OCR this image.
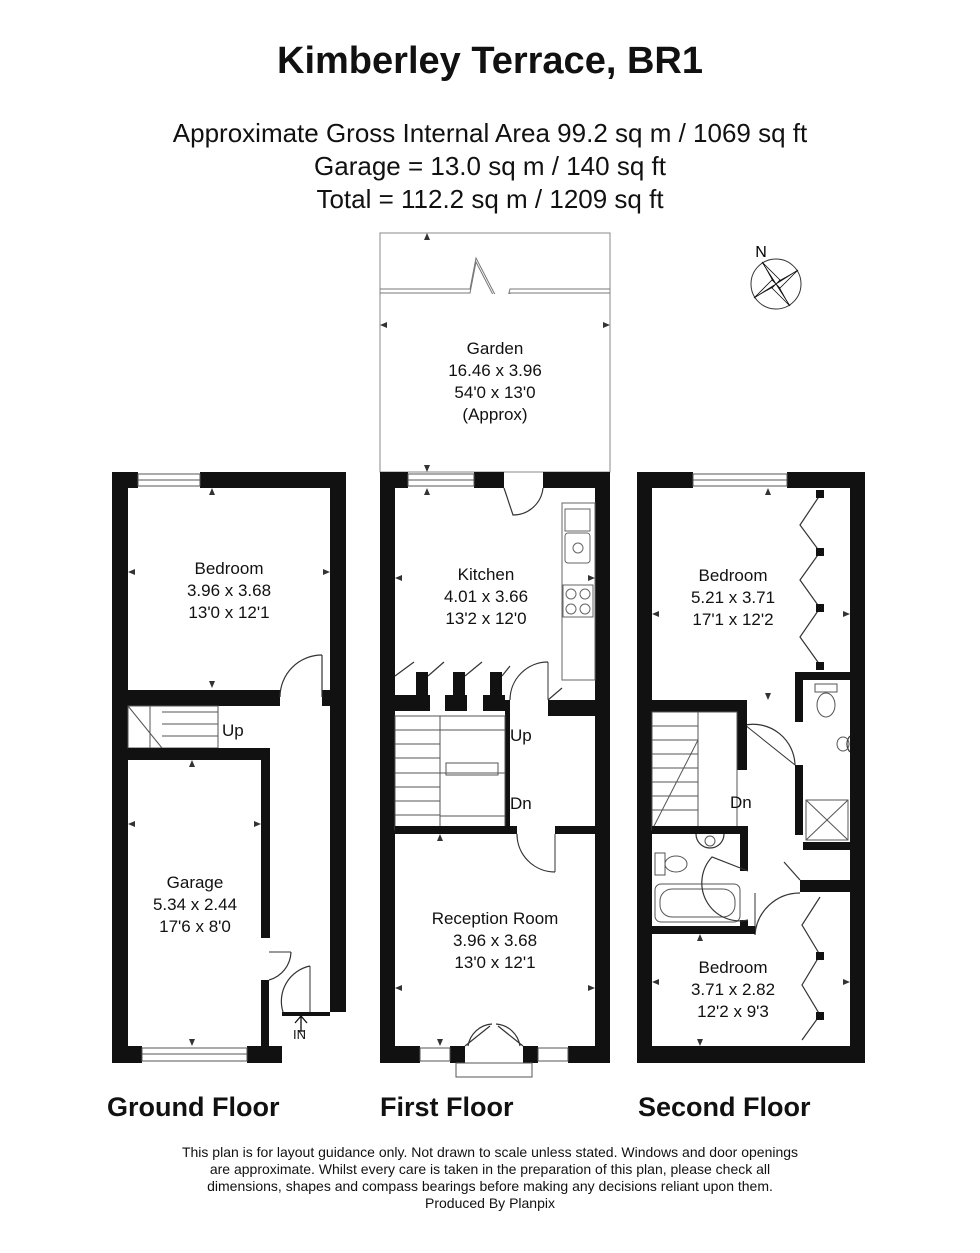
Kimberley Terrace, BR1
Approximate Gross Internal Area 99.2 sq m / 1069 sq ft
Garage = 13.0 sq m / 140 sq ft
Total = 112.2 sq m / 1209 sq ft
N
Bedroom
3.96 x 3.68
13'0 x 12'1
Up
Garage
5.34 x 2.44
17'6 x 8'0
IN
Garden
16.46 x 3.96
54'0 x 13'0
(Approx)
Kitchen
4.01 x 3.66
13'2 x 12'0
Up
Dn
Reception Room
3.96 x 3.68
13'0 x 12'1
Bedroom
5.21 x 3.71
17'1 x 12'2
Dn
Bedroom
3.71 x 2.82
12'2 x 9'3
Ground Floor	First Floor	Second Floor
This plan is for layout guidance only. Not drawn to scale unless stated. Windows and door openings
are approximate. Whilst every care is taken in the preparation of this plan, please check all
dimensions, shapes and compass bearings before making any decisions reliant upon them.
Produced By Planpix
